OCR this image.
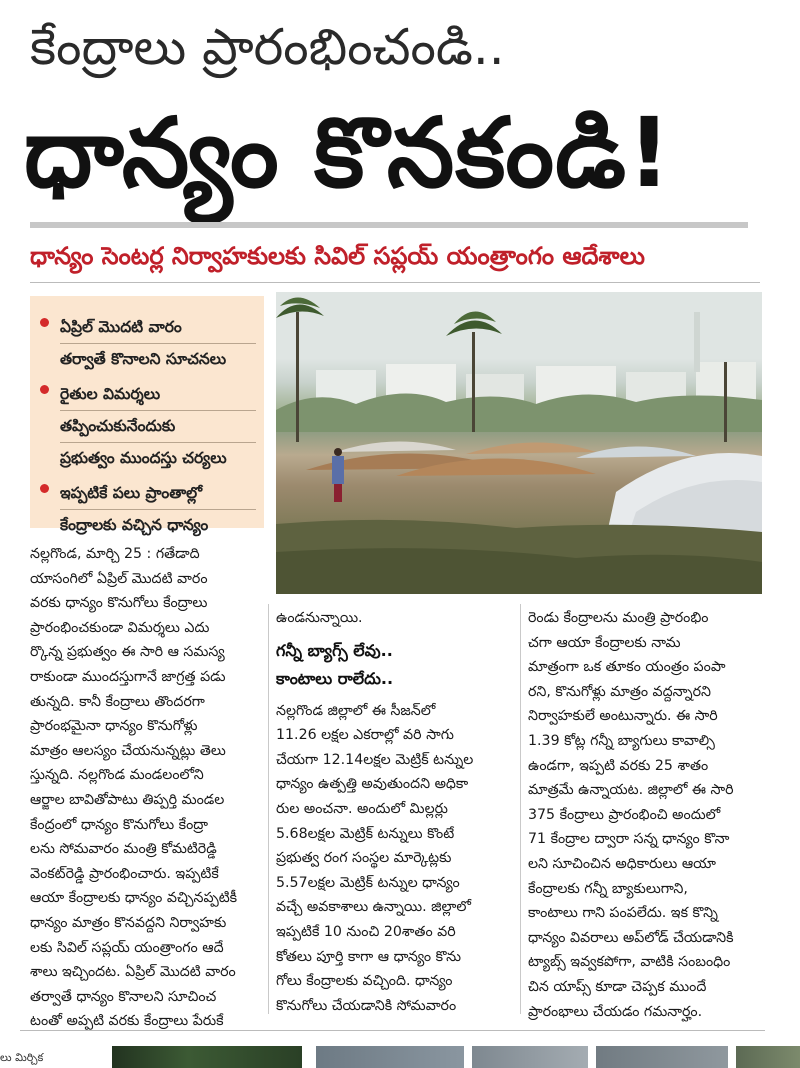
కేంద్రాలు ప్రారంభించండి..
ధాన్యం కొనకండి!
ధాన్యం సెంటర్ల నిర్వాహకులకు సివిల్ సప్లయ్ యంత్రాంగం ఆదేశాలు
ఏప్రిల్ మొదటి వారం
తర్వాతే కొనాలని సూచనలు
రైతుల విమర్శలు
తప్పించుకునేందుకు
ప్రభుత్వం ముందస్తు చర్యలు
ఇప్పటికే పలు ప్రాంతాల్లో
కేంద్రాలకు వచ్చిన ధాన్యం
నల్లగొండ, మార్చి 25 : గతేడాది
యాసంగిలో ఏప్రిల్ మొదటి వారం
వరకు ధాన్యం కొనుగోలు కేంద్రాలు
ప్రారంభించకుండా విమర్శలు ఎదు
ర్కొన్న ప్రభుత్వం ఈ సారి ఆ సమస్య
రాకుండా ముందస్తుగానే జాగ్రత్త పడు
తున్నది. కానీ కేంద్రాలు తొందరగా
ప్రారంభమైనా ధాన్యం కొనుగోళ్లు
మాత్రం ఆలస్యం చేయనున్నట్లు తెలు
స్తున్నది. నల్లగొండ మండలంలోని
ఆర్జాల బావితోపాటు తిప్పర్తి మండల
కేంద్రంలో ధాన్యం కొనుగోలు కేంద్రా
లను సోమవారం మంత్రి కోమటిరెడ్డి
వెంకట్‌రెడ్డి ప్రారంభించారు. ఇప్పటికే
ఆయా కేంద్రాలకు ధాన్యం వచ్చినప్పటికీ
ధాన్యం మాత్రం కొనవద్దని నిర్వాహకు
లకు సివిల్ సప్లయ్ యంత్రాంగం ఆదే
శాలు ఇచ్చిందట. ఏప్రిల్ మొదటి వారం
తర్వాతే ధాన్యం కొనాలని సూచించ
టంతో అప్పటి వరకు కేంద్రాలు పేరుకే
ఉండనున్నాయి.
గన్నీ బ్యాగ్స్ లేవు..
కాంటాలు రాలేదు..
నల్లగొండ జిల్లాలో ఈ సీజన్‌లో
11.26 లక్షల ఎకరాల్లో వరి సాగు
చేయగా 12.14లక్షల మెట్రిక్ టన్నుల
ధాన్యం ఉత్పత్తి అవుతుందని అధికా
రుల అంచనా. అందులో మిల్లర్లు
5.68లక్షల మెట్రిక్ టన్నులు కొంటే
ప్రభుత్వ రంగ సంస్థల మార్కెట్లకు
5.57లక్షల మెట్రిక్ టన్నుల ధాన్యం
వచ్చే అవకాశాలు ఉన్నాయి. జిల్లాలో
ఇప్పటికే 10 నుంచి 20శాతం వరి
కోతలు పూర్తి కాగా ఆ ధాన్యం కొను
గోలు కేంద్రాలకు వచ్చింది. ధాన్యం
కొనుగోలు చేయడానికి సోమవారం
రెండు కేంద్రాలను మంత్రి ప్రారంభిం
చగా ఆయా కేంద్రాలకు నామ
మాత్రంగా ఒక తూకం యంత్రం పంపా
రని, కొనుగోళ్లు మాత్రం వద్దన్నారని
నిర్వాహకులే అంటున్నారు. ఈ సారి
1.39 కోట్ల గన్నీ బ్యాగులు కావాల్సి
ఉండగా, ఇప్పటి వరకు 25 శాతం
మాత్రమే ఉన్నాయట. జిల్లాలో ఈ సారి
375 కేంద్రాలు ప్రారంభించి అందులో
71 కేంద్రాల ద్వారా సన్న ధాన్యం కొనా
లని సూచించిన అధికారులు ఆయా
కేంద్రాలకు గన్నీ బ్యాకులుగాని,
కాంటాలు గాని పంపలేదు. ఇక కొన్ని
ధాన్యం వివరాలు అప్‌లోడ్ చేయడానికి
ట్యాబ్స్ ఇవ్వకపోగా, వాటికి సంబంధిం
చిన యాప్స్ కూడా చెప్పక ముందే
ప్రారంభాలు చేయడం గమనార్హం.
లు మిర్చిక
